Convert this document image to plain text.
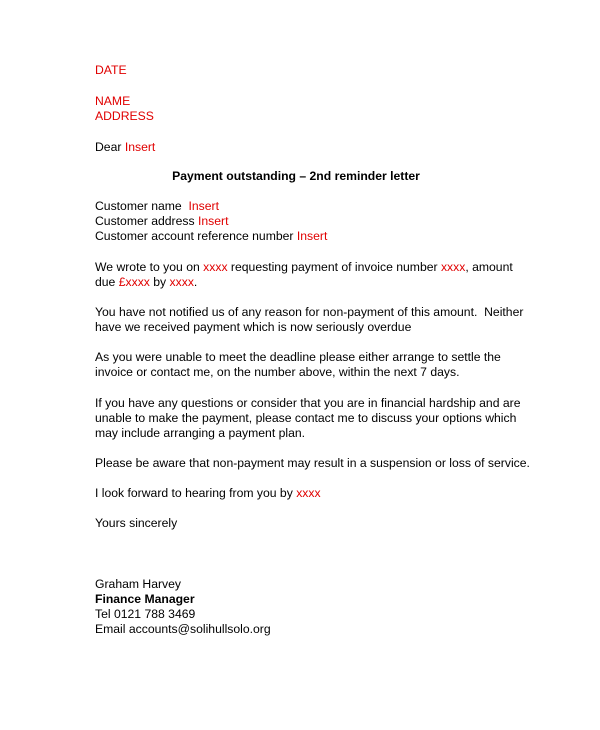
DATE
NAME
ADDRESS
Dear Insert
Payment outstanding – 2nd reminder letter
Customer name  Insert
Customer address Insert
Customer account reference number Insert
We wrote to you on xxxx requesting payment of invoice number xxxx, amount
due £xxxx by xxxx.
You have not notified us of any reason for non-payment of this amount.  Neither
have we received payment which is now seriously overdue
As you were unable to meet the deadline please either arrange to settle the
invoice or contact me, on the number above, within the next 7 days.
If you have any questions or consider that you are in financial hardship and are
unable to make the payment, please contact me to discuss your options which
may include arranging a payment plan.
Please be aware that non-payment may result in a suspension or loss of service.
I look forward to hearing from you by xxxx
Yours sincerely
Graham Harvey
Finance Manager
Tel 0121 788 3469
Email accounts@solihullsolo.org
